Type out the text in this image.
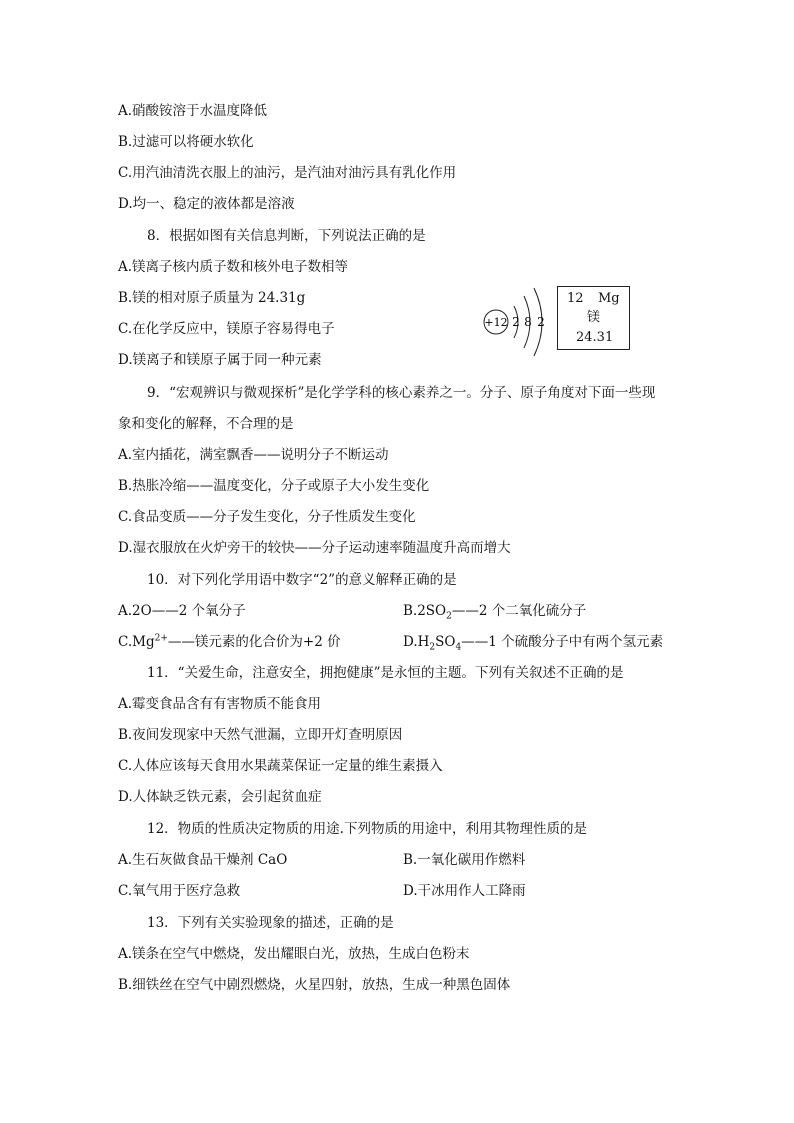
A.硝酸铵溶于水温度降低
B.过滤可以将硬水软化
C.用汽油清洗衣服上的油污，是汽油对油污具有乳化作用
D.均一、稳定的液体都是溶液
8．根据如图有关信息判断，下列说法正确的是
A.镁离子核内质子数和核外电子数相等
B.镁的相对原子质量为 24.31g
C.在化学反应中，镁原子容易得电子
D.镁离子和镁原子属于同一种元素
+12 2 8 2
12 Mg
镁
24.31
9．“宏观辨识与微观探析”是化学学科的核心素养之一。分子、原子角度对下面一些现
象和变化的解释，不合理的是
A.室内插花，满室飘香——说明分子不断运动
B.热胀冷缩——温度变化，分子或原子大小发生变化
C.食品变质——分子发生变化，分子性质发生变化
D.湿衣服放在火炉旁干的较快——分子运动速率随温度升高而增大
10．对下列化学用语中数字“2”的意义解释正确的是
A.2O——2 个氧分子	$B.2SO_2——2$ 个二氧化硫分子
$C.Mg^{2+}——$镁元素的化合价为+2 价	$D.H_2SO_4——1$ 个硫酸分子中有两个氢元素
11．“关爱生命，注意安全，拥抱健康”是永恒的主题。下列有关叙述不正确的是
A.霉变食品含有有害物质不能食用
B.夜间发现家中天然气泄漏，立即开灯查明原因
C.人体应该每天食用水果蔬菜保证一定量的维生素摄入
D.人体缺乏铁元素，会引起贫血症
12．物质的性质决定物质的用途.下列物质的用途中，利用其物理性质的是
A.生石灰做食品干燥剂 CaO	B.一氧化碳用作燃料
C.氧气用于医疗急救	D.干冰用作人工降雨
13．下列有关实验现象的描述，正确的是
A.镁条在空气中燃烧，发出耀眼白光，放热，生成白色粉末
B.细铁丝在空气中剧烈燃烧，火星四射，放热，生成一种黑色固体
